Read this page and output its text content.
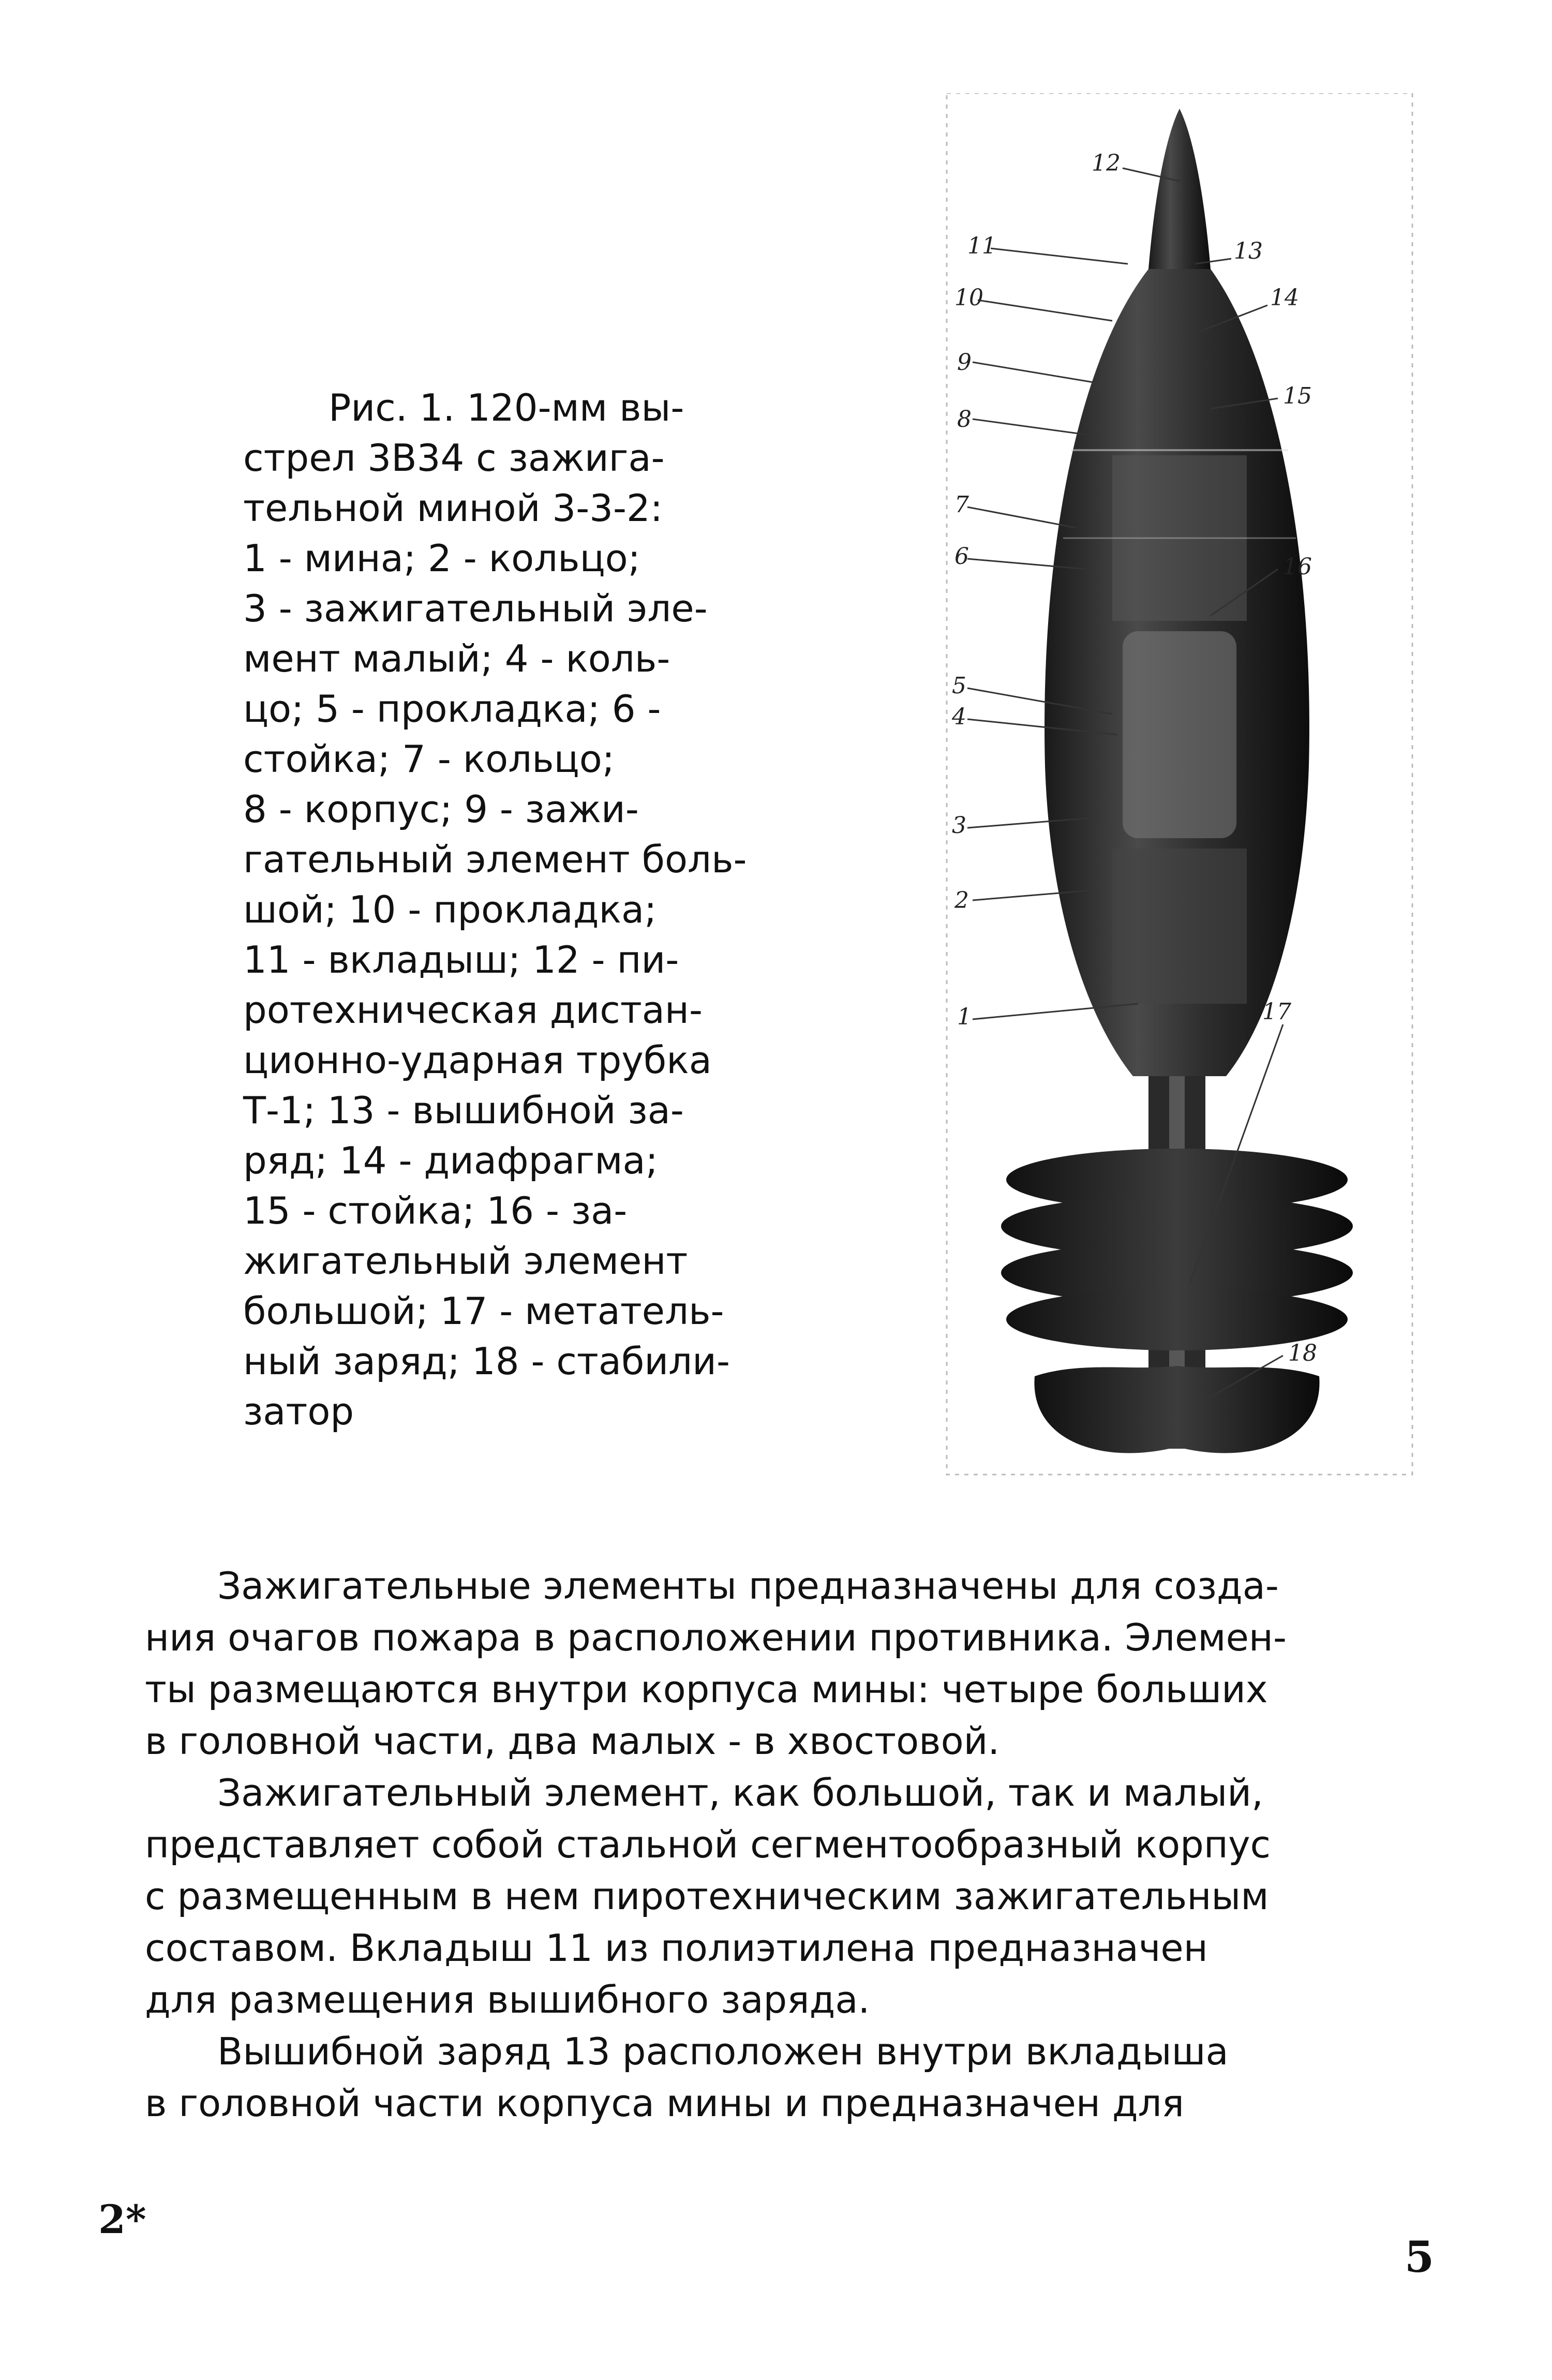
Рис. 1. 120-мм вы-
стрел 3В34 с зажига-
тельной миной 3-3-2:
1 - мина; 2 - кольцо;
3 - зажигательный эле-
мент малый; 4 - коль-
цо; 5 - прокладка; 6 -
стойка; 7 - кольцо;
8 - корпус; 9 - зажи-
гательный элемент боль-
шой; 10 - прокладка;
11 - вкладыш; 12 - пи-
ротехническая дистан-
ционно-ударная трубка
Т-1; 13 - вышибной за-
ряд; 14 - диафрагма;
15 - стойка; 16 - за-
жигательный элемент
большой; 17 - метатель-
ный заряд; 18 - стабили-
затор
11
10
9
8
7
6
5
4
3
2
1
12
13
14
15
16
17
18

Зажигательные элементы предназначены для созда-
ния очагов пожара в расположении противника. Элемен-
ты размещаются внутри корпуса мины: четыре больших
в головной части, два малых - в хвостовой.

Зажигательный элемент, как большой, так и малый,
представляет собой стальной сегментообразный корпус
с размещенным в нем пиротехническим зажигательным
составом. Вкладыш 11 из полиэтилена предназначен
для размещения вышибного заряда.

Вышибной заряд 13 расположен внутри вкладыша
в головной части корпуса мины и предназначен для

2*
5
